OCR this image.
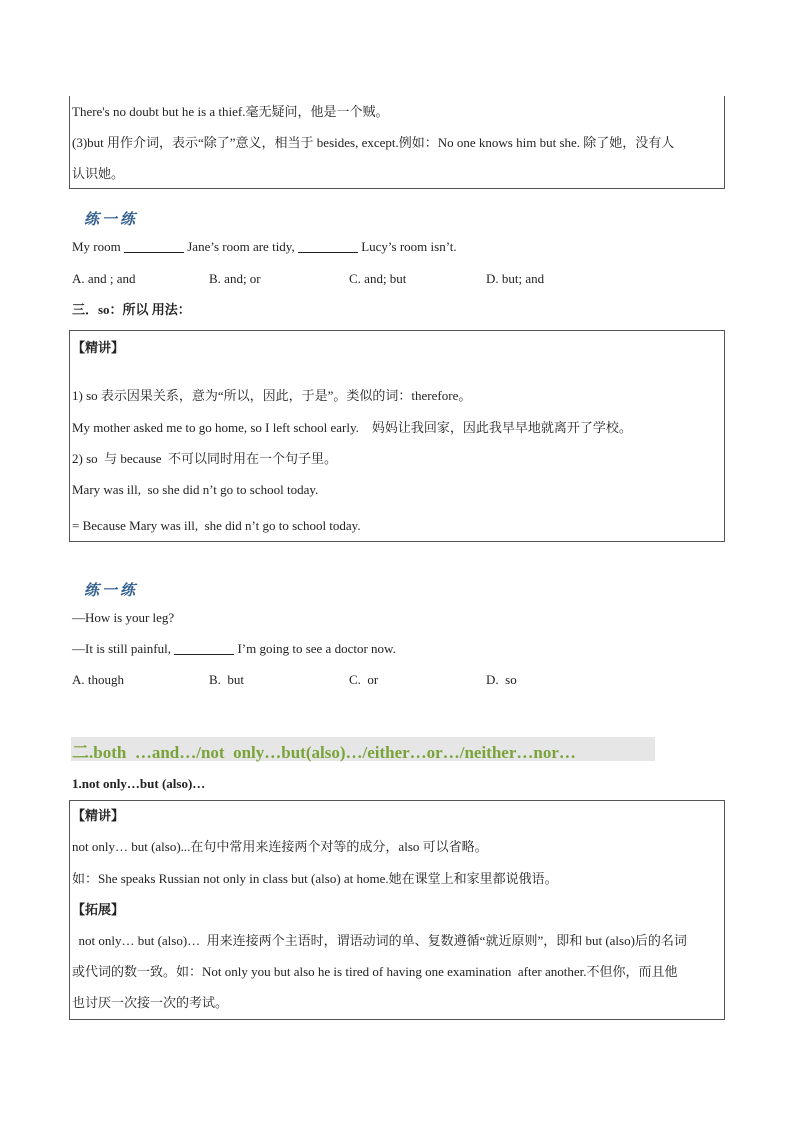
There's no doubt but he is a thief.毫无疑问，他是一个贼。
(3)but 用作介词，表示“除了”意义，相当于 besides, except.例如：No one knows him but she. 除了她，没有人
认识她。
练一练
My room	Jane’s room are tidy,	Lucy’s room isn’t.
A. and ; and	B. and; or	C. and; but	D. but; and
三．so：所以 用法：
【精讲】
1) so 表示因果关系，意为“所以，因此，于是”。类似的词：therefore。
My mother asked me to go home, so I left school early.    妈妈让我回家，因此我早早地就离开了学校。
2) so  与 because  不可以同时用在一个句子里。
Mary was ill,  so she did n’t go to school today.
= Because Mary was ill,  she did n’t go to school today.
练一练
—How is your leg?
—It is still painful,	I’m going to see a doctor now.
A. though	B.  but	C.  or	D.  so
二.both  …and…/not  only…but(also)…/either…or…/neither…nor…
1.not only…but (also)…
【精讲】
not only… but (also)...在句中常用来连接两个对等的成分，also 可以省略。
如：She speaks Russian not only in class but (also) at home.她在课堂上和家里都说俄语。
【拓展】
not only… but (also)…  用来连接两个主语时，谓语动词的单、复数遵循“就近原则”，即和 but (also)后的名词
或代词的数一致。如：Not only you but also he is tired of having one examination  after another.不但你，而且他
也讨厌一次接一次的考试。
